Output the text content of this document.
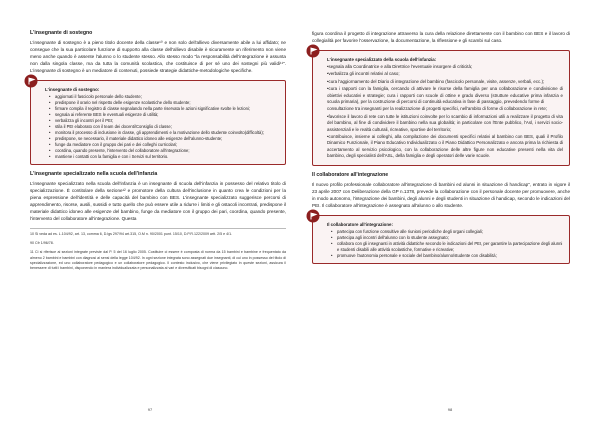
L'insegnante di sostegno

L'insegnante di sostegno è a pieno titolo docente della classe¹⁰ e non solo dell'allievo diversamente abile a lui affidato; ne consegue che la sua particolare funzione di supporto alla classe dell'allievo disabile è sicuramente un riferimento non viene meno anche quando è assente l'alunno o lo studente stesso. Allo stesso modo "la responsabilità dell'integrazione è assunta non dalla singola classe, ma da tutta la comunità scolastica, che costituisce di per sé uno dei sostegni più validi¹¹". L'insegnante di sostegno è un mediatore di contenuti, possiede strategie didattiche-metodologiche specifiche.

L'insegnante di sostegno:
• aggiornati il fascicolo personale dello studente;
• predispone il orario nel rispetto delle esigenze scolastiche dello studente;
• firmare compila il registro di classe segnalando nella parte riservata le azioni significative svolte le lezioni;
• segnala ai referente BES le eventuali esigenze di utilità;
• verbalizza gli incontri per il PEI;
• stila il PEI elaborato con il team dei docenti/Consiglio di classe;
• monitora il processo di inclusione in classe, gli apprendimenti e la motivazione dello studente coinvolto(difficoltà);
• predispone, se necessario, il materiale didattico idoneo alle esigenze dell'alunno-studente;
• funge da mediatore con il gruppo dei pari e dei colleghi curricolari;
• coordina, quando presente, l'intervento del collaboratore all'integrazione;
• mantiene i contatti con la famiglia e con i Servizi sul territorio.
L'insegnante specializzato nella scuola dell'infanzia

L'insegnante specializzato nella scuola dell'infanzia è un insegnante di scuola dell'infanzia in possesso del relativo titolo di specializzazione. È contitolare della sezione¹² e promotore della cultura dell'inclusione in quanto crea le condizioni per la piena espressione dell'identità e delle capacità del bambino con BES. L'insegnante specializzato suggerisce percorsi di apprendimento, risorse, ausili, sussidi e tutto quello che può essere utile a ridurre i limiti e gli ostacoli incontrati, predispone il materiale didattico idoneo alle esigenze del bambino, funge da mediatore con il gruppo dei pari, coordina, quando presente, l'intervento del collaboratore all'integrazione. Questa

10 Si veda ad es. L.104/92, art. 13, comma 6, D.lgs 297/94 art.315, O.M n. 90/2001 punt. 15/10, D.P.R.122/2009 artt. 2/5 e 4/1.

90 Cfr 1/96/78.

11 Ci si riferisce ai sezioni integrate previste dal P. 5 del 16 luglio 2005. Costituire ci essere è composta di norma da 15 bambini e bambine e frequentato da almeno 2 bambini e bambini con diagnosi ai sensi della legge 104/92. In ogni sezione integrata sono assegnati due insegnanti, di cui uno in possesso del titolo di specializzazione, ed uno collaboratore pedagogico e un collaboratore pedagogico. Il contesto inclusivo, che viene privilegiato in queste sezioni, assicura il benessere di tutti i bambini, disponendo in maniera individualizzata e personalizzata ai vari e diversificati bisogni di ciascuno.

97

figura coordina il progetto di integrazione attraverso la cura della relazione direttamente con il bambino con BES e il lavoro di collegialità per favorire l'osservazione, la documentazione, la riflessione e gli scambi sul caso.

L'insegnante specializzato della scuola dell'infanzia:

•segnala alla Coordinatrice e alla Direttrice l'eventuale insorgere di criticità;

•verbalizza gli incontri relativi al caso;

•cura l'aggiornamento del Diario di integrazione del bambino (fascicolo personale, visite, assenze, verbali, ecc.);

•cura i rapporti con la famiglia, cercando di attivare le risorse della famiglia per una collaborazione e condivisione di obiettivi educativi e strategie; cura i rapporti con scuole di ottine e grado diverso (strutture educative prima infanzia e scuola primaria), per la costruzione di percorsi di continuità educativa in fase di passaggio, prevedendo forme di

consultazione tra insegnanti per la realizzazione di progetti specifici, nell'ambito di forme di collaborazione in rete;

•favorisce il lavoro di rete con tutte le istituzioni coinvolte per lo scambio di informazioni utili a realizzare il progetto di vita del bambino, al fine di condividere il bambino nella sua globalità; in particolare con l'Ente pubblico, l'Asl, i servizi socio-assistenziali e le realtà culturali, ricreative, sportive del territorio;

•contribuisce, insieme ai colleghi, alla compilazione dei documenti specifici relativi al bambino con BES, quali il Profilo Dinamico Funzionale, il Piano Educativo Individualizzato o il Piano Didattico Personalizzato e ancora prima la richiesta di accertamento al servizio psicologico, con la collaborazione delle altre figure non educative presenti nella vita del bambino, degli specialisti dell'ASL, della famiglia e degli operatori delle varie scuole.

Il collaboratore all'integrazione

Il nuovo profilo professionale collaboratore all'integrazione di bambini ed alunni in situazione di handicap", entrato in vigore il 23 aprile 2007 con Deliberazione della GP n.1378, prevede la collaborazione con il personale docente per promuovere, anche in modo autonomo, l'integrazione dei bambini, degli alunni e degli studenti in situazione di handicap, secondo le indicazioni del PEI. Il collaboratore all'integrazione è assegnato all'alunno o allo studente.

Il collaboratore all'integrazione:
• partecipa con funzione consultive alle riunioni periodiche degli organi collegiali;
• partecipa agli incontri dell'alunno con lo studente assegnato;
• collabora con gli insegnanti in attività didattiche secondo le indicazioni del PEI, per garantire la partecipazione degli alunni e studenti disabili alle attività scolastiche, formative e ricreative;
• promuove l'autonomia personale e sociale del bambino/alunno/studente con disabilità;
98
